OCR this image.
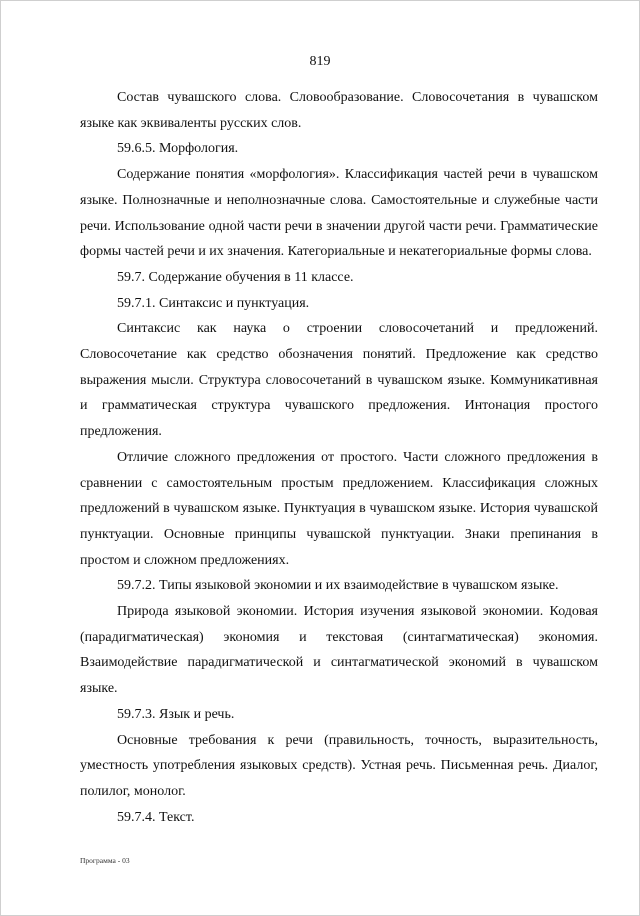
819

Состав чувашского слова. Словообразование. Словосочетания в чувашском языке как эквиваленты русских слов.

59.6.5. Морфология.

Содержание понятия «морфология». Классификация частей речи в чувашском языке. Полнозначные и неполнозначные слова. Самостоятельные и служебные части речи. Использование одной части речи в значении другой части речи. Грамматические формы частей речи и их значения. Категориальные и некатегориальные формы слова.

59.7. Содержание обучения в 11 классе.

59.7.1. Синтаксис и пунктуация.

Синтаксис как наука о строении словосочетаний и предложений. Словосочетание как средство обозначения понятий. Предложение как средство выражения мысли. Структура словосочетаний в чувашском языке. Коммуникативная и грамматическая структура чувашского предложения. Интонация простого предложения.

Отличие сложного предложения от простого. Части сложного предложения в сравнении с самостоятельным простым предложением. Классификация сложных предложений в чувашском языке. Пунктуация в чувашском языке. История чувашской пунктуации. Основные принципы чувашской пунктуации. Знаки препинания в простом и сложном предложениях.

59.7.2. Типы языковой экономии и их взаимодействие в чувашском языке.

Природа языковой экономии. История изучения языковой экономии. Кодовая (парадигматическая) экономия и текстовая (синтагматическая) экономия. Взаимодействие парадигматической и синтагматической экономий в чувашском языке.

59.7.3. Язык и речь.

Основные требования к речи (правильность, точность, выразительность, уместность употребления языковых средств). Устная речь. Письменная речь. Диалог, полилог, монолог.

59.7.4. Текст.

Программа - 03
